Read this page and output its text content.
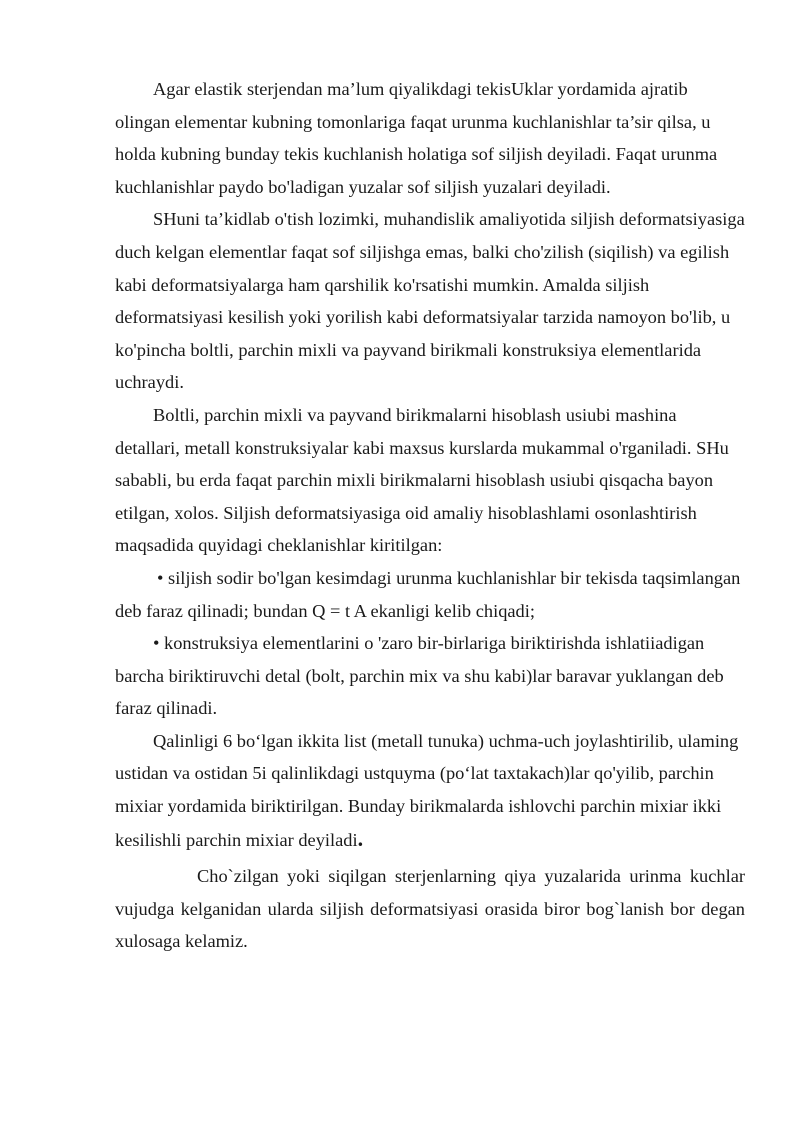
Agar elastik sterjendan ma’lum qiyalikdagi tekisUklar yordamida ajratib olingan elementar kubning tomonlariga faqat urunma kuchlanishlar ta’sir qilsa, u holda kubning bunday tekis kuchlanish holatiga sof siljish deyiladi. Faqat urunma kuchlanishlar paydo bo'ladigan yuzalar sof siljish yuzalari deyiladi.

SHuni ta’kidlab o'tish lozimki, muhandislik amaliyotida siljish deformatsiyasiga duch kelgan elementlar faqat sof siljishga emas, balki cho'zilish (siqilish) va egilish kabi deformatsiyalarga ham qarshilik ko'rsatishi mumkin. Amalda siljish deformatsiyasi kesilish yoki yorilish kabi deformatsiyalar tarzida namoyon bo'lib, u ko'pincha boltli, parchin mixli va payvand birikmali konstruksiya elementlarida uchraydi.

Boltli, parchin mixli va payvand birikmalarni hisoblash usiubi mashina detallari, metall konstruksiyalar kabi maxsus kurslarda mukammal o'rganiladi. SHu sababli, bu erda faqat parchin mixli birikmalarni hisoblash usiubi qisqacha bayon etilgan, xolos. Siljish deformatsiyasiga oid amaliy hisoblashlami osonlashtirish maqsadida quyidagi cheklanishlar kiritilgan:

• siljish sodir bo'lgan kesimdagi urunma kuchlanishlar bir tekisda taqsimlangan deb faraz qilinadi; bundan Q = t A ekanligi kelib chiqadi;

• konstruksiya elementlarini o 'zaro bir-birlariga biriktirishda ishlatiiadigan barcha biriktiruvchi detal (bolt, parchin mix va shu kabi)lar baravar yuklangan deb faraz qilinadi.

Qalinligi 6 bo‘lgan ikkita list (metall tunuka) uchma-uch joylashtirilib, ulaming ustidan va ostidan 5i qalinlikdagi ustquyma (po‘lat taxtakach)lar qo'yilib, parchin mixiar yordamida biriktirilgan. Bunday birikmalarda ishlovchi parchin mixiar ikki kesilishli parchin mixiar deyiladi.

Cho`zilgan yoki siqilgan sterjenlarning qiya yuzalarida urinma kuchlar vujudga kelganidan ularda siljish deformatsiyasi orasida biror bog`lanish bor degan xulosaga kelamiz.
